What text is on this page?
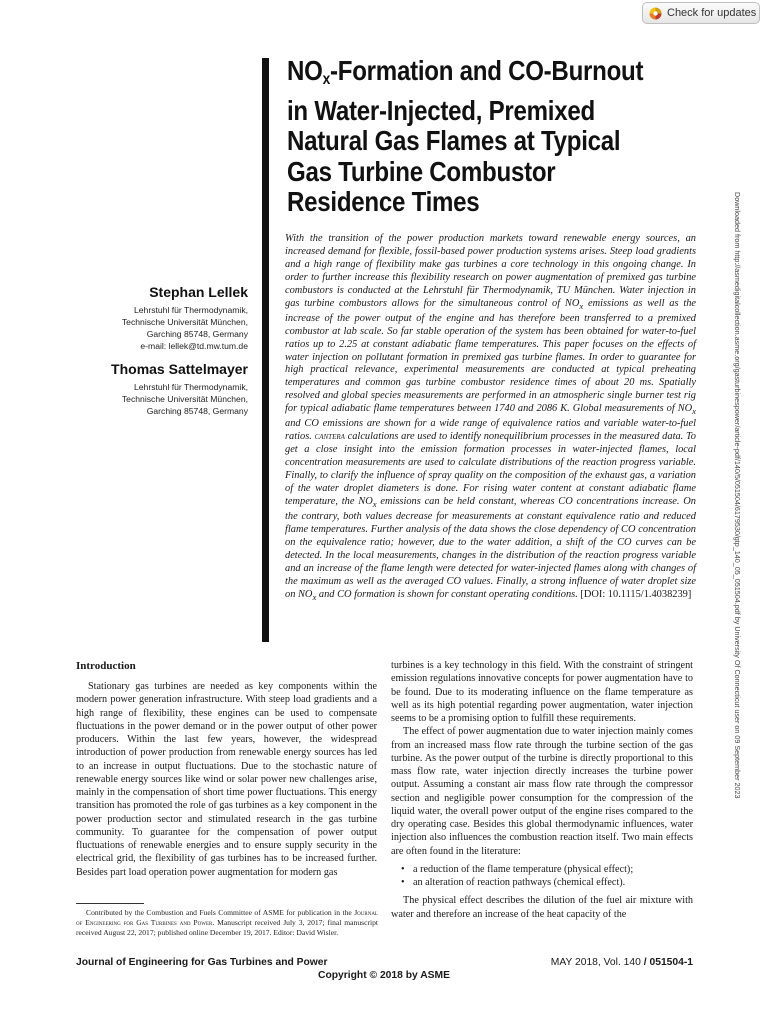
Check for updates
$NO_x$-Formation and CO-Burnout
in Water-Injected, Premixed
Natural Gas Flames at Typical
Gas Turbine Combustor
Residence Times
Stephan Lellek
Lehrstuhl für Thermodynamik,
Technische Universität München,
Garching 85748, Germany
e-mail: lellek@td.mw.tum.de
Thomas Sattelmayer
Lehrstuhl für Thermodynamik,
Technische Universität München,
Garching 85748, Germany

With the transition of the power production markets toward renewable energy sources, an increased demand for flexible, fossil-based power production systems arises. Steep load gradients and a high range of flexibility make gas turbines a core technology in this ongoing change. In order to further increase this flexibility research on power augmentation of premixed gas turbine combustors is conducted at the Lehrstuhl für Thermodynamik, TU München. Water injection in gas turbine combustors allows for the simultaneous control of $NO_x$ emissions as well as the increase of the power output of the engine and has therefore been transferred to a premixed combustor at lab scale. So far stable operation of the system has been obtained for water-to-fuel ratios up to 2.25 at constant adiabatic flame temperatures. This paper focuses on the effects of water injection on pollutant formation in premixed gas turbine flames. In order to guarantee for high practical relevance, experimental measurements are conducted at typical preheating temperatures and common gas turbine combustor residence times of about 20 ms. Spatially resolved and global species measurements are performed in an atmospheric single burner test rig for typical adiabatic flame temperatures between 1740 and 2086 K. Global measurements of $NO_x$ and CO emissions are shown for a wide range of equivalence ratios and variable water-to-fuel ratios. cantera calculations are used to identify nonequilibrium processes in the measured data. To get a close insight into the emission formation processes in water-injected flames, local concentration measurements are used to calculate distributions of the reaction progress variable. Finally, to clarify the influence of spray quality on the composition of the exhaust gas, a variation of the water droplet diameters is done. For rising water content at constant adiabatic flame temperature, the $NO_x$ emissions can be held constant, whereas CO concentrations increase. On the contrary, both values decrease for measurements at constant equivalence ratio and reduced flame temperatures. Further analysis of the data shows the close dependency of CO concentration on the equivalence ratio; however, due to the water addition, a shift of the CO curves can be detected. In the local measurements, changes in the distribution of the reaction progress variable and an increase of the flame length were detected for water-injected flames along with changes of the maximum as well as the averaged CO values. Finally, a strong influence of water droplet size on $NO_x$ and CO formation is shown for constant operating conditions. [DOI: 10.1115/1.4038239]	Downloaded from http://asmedigitalcollection.asme.org/gasturbinespower/article-pdf/140/5/051504/6179530/gtp_140_05_051504.pdf by University Of Connecticut user on 09 September 2023
Introduction

Stationary gas turbines are needed as key components within the modern power generation infrastructure. With steep load gradients and a high range of flexibility, these engines can be used to compensate fluctuations in the power demand or in the power output of other power producers. Within the last few years, however, the widespread introduction of power production from renewable energy sources has led to an increase in output fluctuations. Due to the stochastic nature of renewable energy sources like wind or solar power new challenges arise, mainly in the compensation of short time power fluctuations. This energy transition has promoted the role of gas turbines as a key component in the power production sector and stimulated research in the gas turbine community. To guarantee for the compensation of power output fluctuations of renewable energies and to ensure supply security in the electrical grid, the flexibility of gas turbines has to be increased further. Besides part load operation power augmentation for modern gas

turbines is a key technology in this field. With the constraint of stringent emission regulations innovative concepts for power augmentation have to be found. Due to its moderating influence on the flame temperature as well as its high potential regarding power augmentation, water injection seems to be a promising option to fulfill these requirements.

The effect of power augmentation due to water injection mainly comes from an increased mass flow rate through the turbine section of the gas turbine. As the power output of the turbine is directly proportional to this mass flow rate, water injection directly increases the turbine power output. Assuming a constant air mass flow rate through the compressor section and negligible power consumption for the compression of the liquid water, the overall power output of the engine rises compared to the dry operating case. Besides this global thermodynamic influences, water injection also influences the combustion reaction itself. Two main effects are often found in the literature:

• a reduction of the flame temperature (physical effect);
• an alteration of reaction pathways (chemical effect).

The physical effect describes the dilution of the fuel air mixture with water and therefore an increase of the heat capacity of the

Contributed by the Combustion and Fuels Committee of ASME for publication in the Journal of Engineering for Gas Turbines and Power. Manuscript received July 3, 2017; final manuscript received August 22, 2017; published online December 19, 2017. Editor: David Wisler.

Journal of Engineering for Gas Turbines and Power	MAY 2018, Vol. 140 / 051504-1

Copyright © 2018 by ASME
